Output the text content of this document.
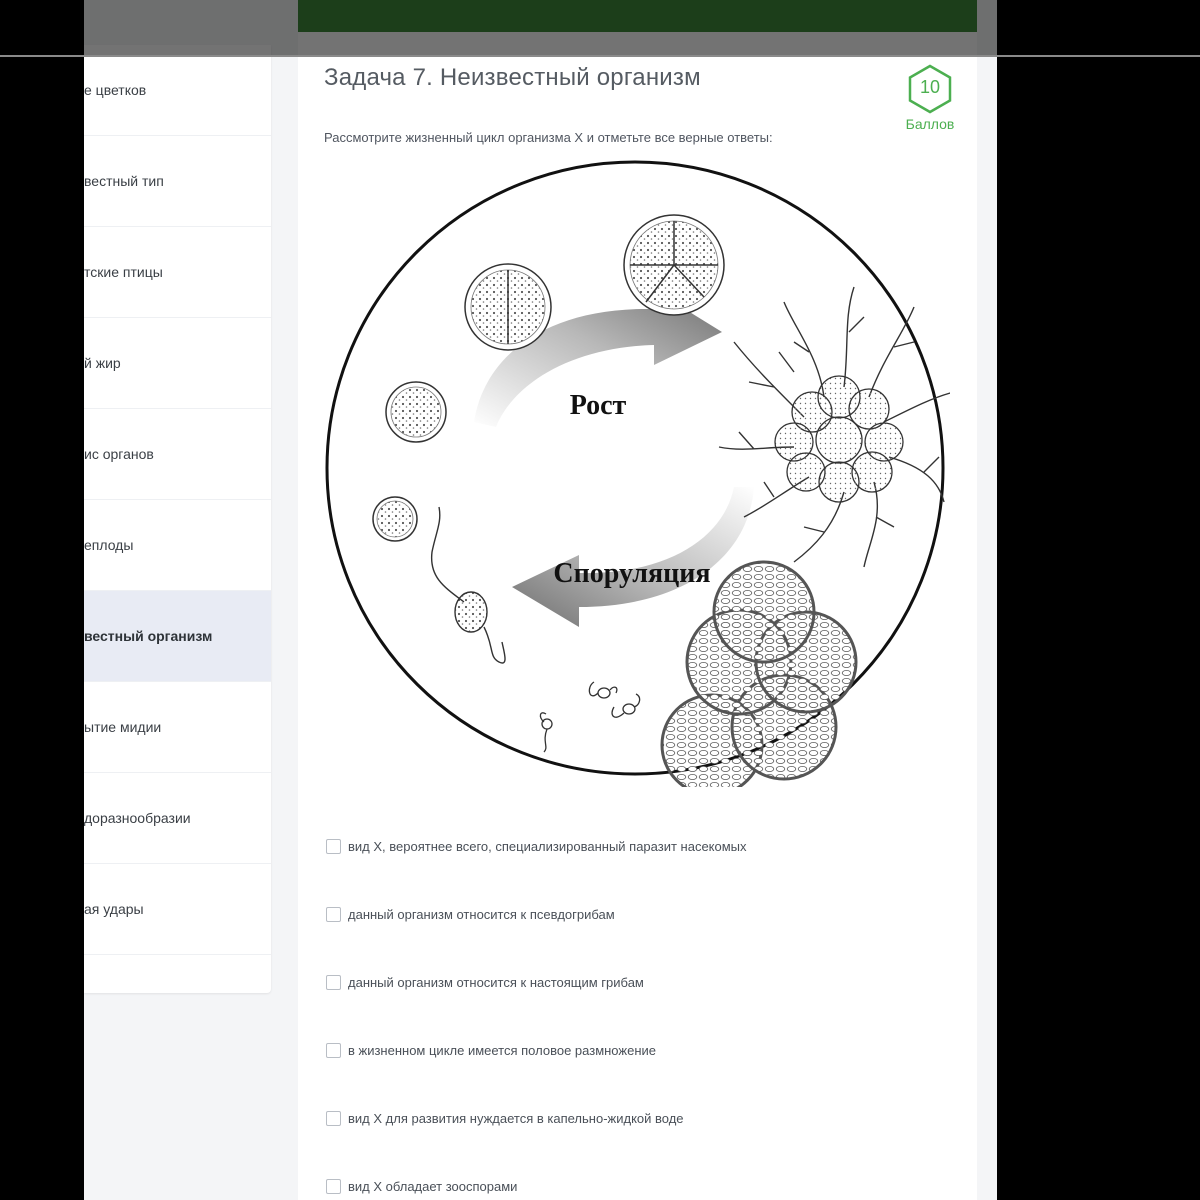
е цветков
вестный тип
тские птицы
й жир
ис органов
еплоды
вестный организм
ытие мидии
доразнообразии
ая удары
Задача 7. Неизвестный организм	10
Баллов

Рассмотрите жизненный цикл организма X и отметьте все верные ответы:

Рост
Споруляция
вид X, вероятнее всего, специализированный паразит насекомых
данный организм относится к псевдогрибам
данный организм относится к настоящим грибам
в жизненном цикле имеется половое размножение
вид X для развития нуждается в капельно-жидкой воде
вид X обладает зооспорами
